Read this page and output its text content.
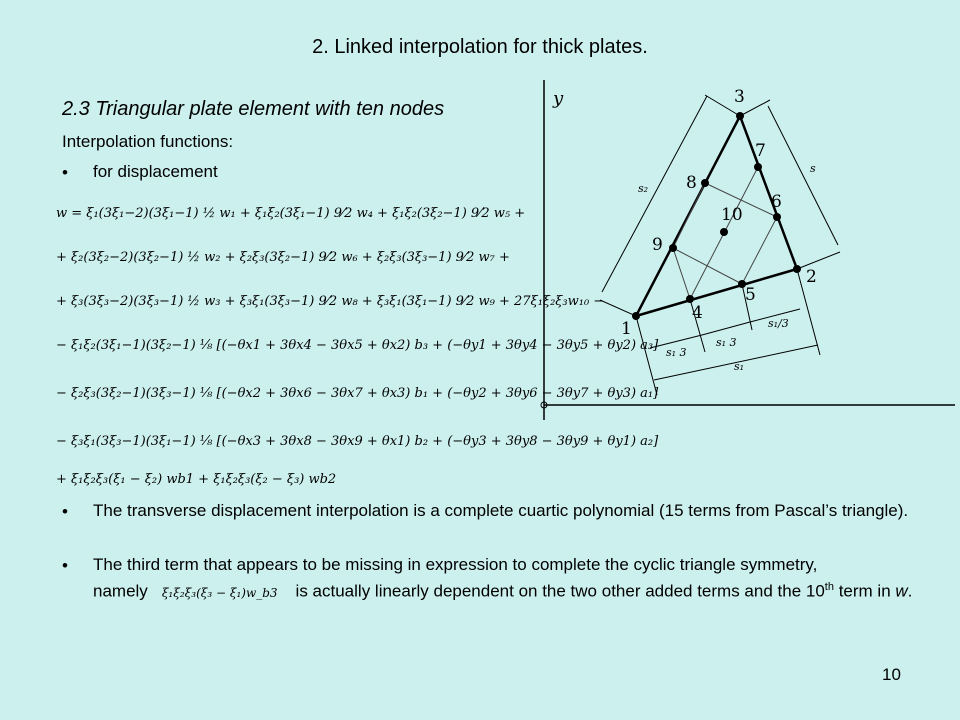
2. Linked interpolation for thick plates.
2.3 Triangular plate element with ten nodes
Interpolation functions:
• for displacement
w = ξ₁(3ξ₁−2)(3ξ₁−1) ½ w₁ + ξ₁ξ₂(3ξ₁−1) 9⁄2 w₄ + ξ₁ξ₂(3ξ₂−1) 9⁄2 w₅ +
+ ξ₂(3ξ₂−2)(3ξ₂−1) ½ w₂ + ξ₂ξ₃(3ξ₂−1) 9⁄2 w₆ + ξ₂ξ₃(3ξ₃−1) 9⁄2 w₇ +
+ ξ₃(3ξ₃−2)(3ξ₃−1) ½ w₃ + ξ₃ξ₁(3ξ₃−1) 9⁄2 w₈ + ξ₃ξ₁(3ξ₁−1) 9⁄2 w₉ + 27ξ₁ξ₂ξ₃w₁₀ −
− ξ₁ξ₂(3ξ₁−1)(3ξ₂−1) ⅛ [(−θx1 + 3θx4 − 3θx5 + θx2) b₃ + (−θy1 + 3θy4 − 3θy5 + θy2) a₃]
− ξ₂ξ₃(3ξ₂−1)(3ξ₃−1) ⅛ [(−θx2 + 3θx6 − 3θx7 + θx3) b₁ + (−θy2 + 3θy6 − 3θy7 + θy3) a₁]
− ξ₃ξ₁(3ξ₃−1)(3ξ₁−1) ⅛ [(−θx3 + 3θx8 − 3θx9 + θx1) b₂ + (−θy3 + 3θy8 − 3θy9 + θy1) a₂]
+ ξ₁ξ₂ξ₃(ξ₁ − ξ₂) wb1 + ξ₁ξ₂ξ₃(ξ₂ − ξ₃) wb2
• The transverse displacement interpolation is a complete cuartic polynomial (15 terms from Pascal’s triangle).
• The third term that appears to be missing in expression to complete the cyclic triangle symmetry, namely ξ₁ξ₂ξ₃(ξ₃ − ξ₁)w_b3 is actually linearly dependent on the two other added terms and the 10th term in w.
10
y
1
2
3
4
5
6
7
8
9
10
s₂
s
s₁ 3
s₁ 3
s₁/3
s₁
